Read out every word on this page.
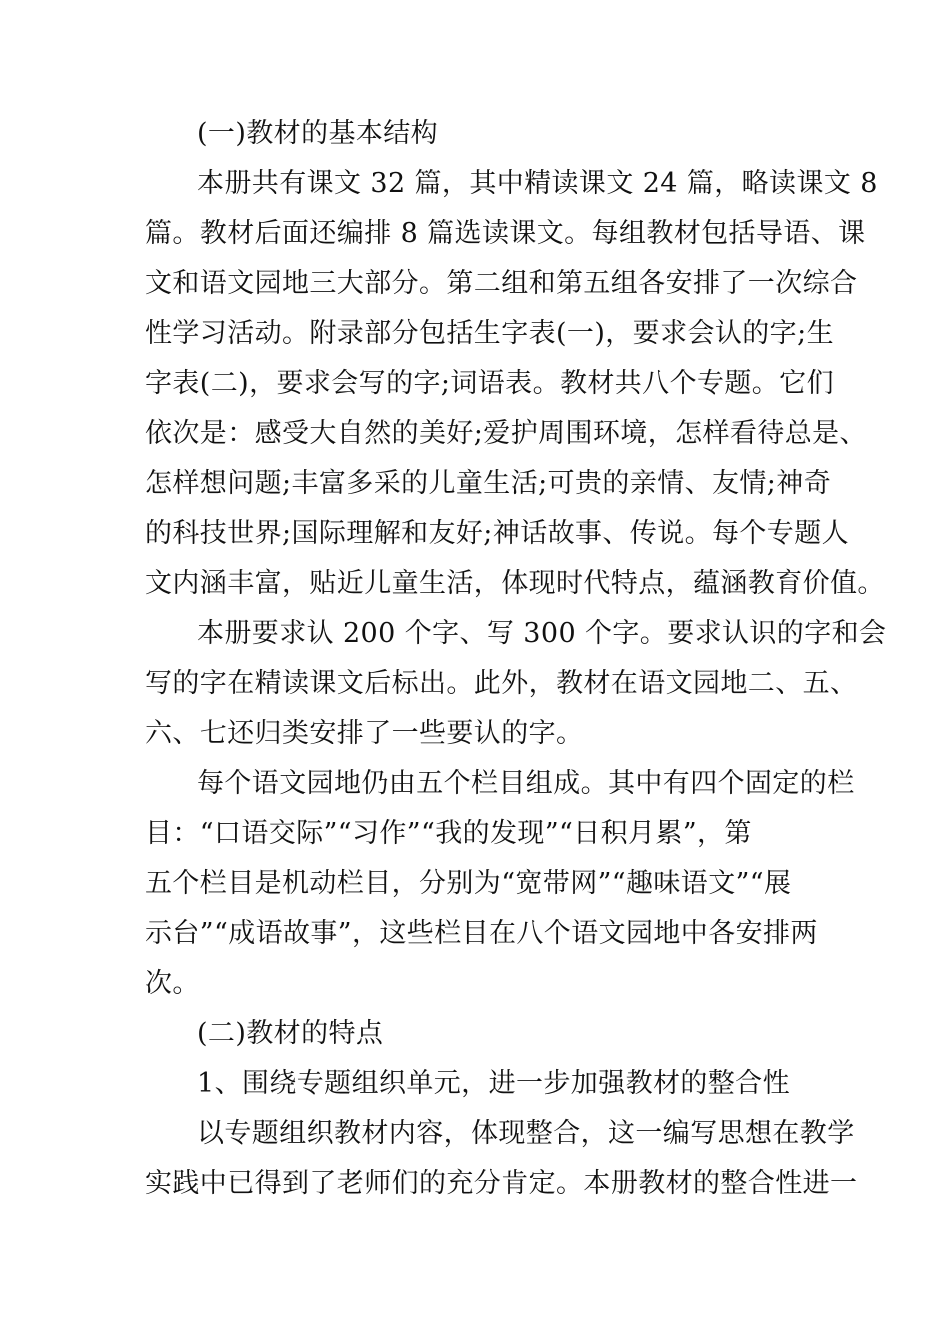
(一)教材的基本结构
本册共有课文 32 篇，其中精读课文 24 篇，略读课文 8
篇。教材后面还编排 8 篇选读课文。每组教材包括导语、课
文和语文园地三大部分。第二组和第五组各安排了一次综合
性学习活动。附录部分包括生字表(一)，要求会认的字;生
字表(二)，要求会写的字;词语表。教材共八个专题。它们
依次是：感受大自然的美好;爱护周围环境，怎样看待总是、
怎样想问题;丰富多采的儿童生活;可贵的亲情、友情;神奇
的科技世界;国际理解和友好;神话故事、传说。每个专题人
文内涵丰富，贴近儿童生活，体现时代特点，蕴涵教育价值。
本册要求认 200 个字、写 300 个字。要求认识的字和会
写的字在精读课文后标出。此外，教材在语文园地二、五、
六、七还归类安排了一些要认的字。
每个语文园地仍由五个栏目组成。其中有四个固定的栏
目：“口语交际”“习作”“我的发现”“日积月累”，第
五个栏目是机动栏目，分别为“宽带网”“趣味语文”“展
示台”“成语故事”，这些栏目在八个语文园地中各安排两
次。
(二)教材的特点
1、围绕专题组织单元，进一步加强教材的整合性
以专题组织教材内容，体现整合，这一编写思想在教学
实践中已得到了老师们的充分肯定。本册教材的整合性进一
